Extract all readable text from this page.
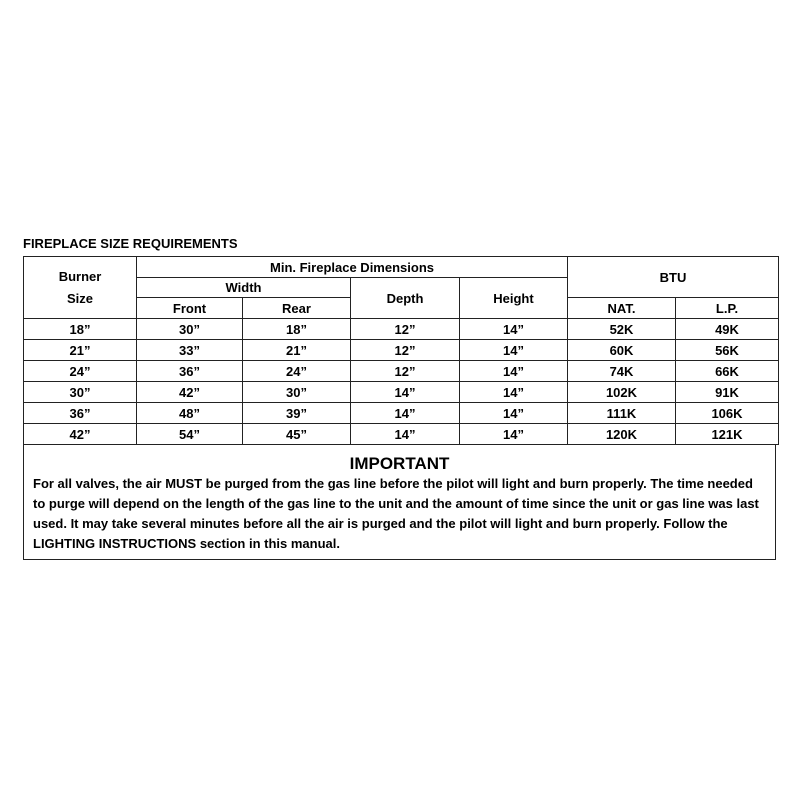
FIREPLACE SIZE REQUIREMENTS
Burner
Size	Min. Fireplace Dimensions				BTU	
	Width		Depth	Height		
	Front	Rear			NAT.	L.P.
18”	30”	18”	12”	14”	52K	49K
21”	33”	21”	12”	14”	60K	56K
24”	36”	24”	12”	14”	74K	66K
30”	42”	30”	14”	14”	102K	91K
36”	48”	39”	14”	14”	111K	106K
42”	54”	45”	14”	14”	120K	121K
IMPORTANT
For all valves, the air MUST be purged from the gas line before the pilot will light and burn properly. The time needed to purge will depend on the length of the gas line to the unit and the amount of time since the unit or gas line was last used. It may take several minutes before all the air is purged and the pilot will light and burn properly. Follow the LIGHTING INSTRUCTIONS section in this manual.
